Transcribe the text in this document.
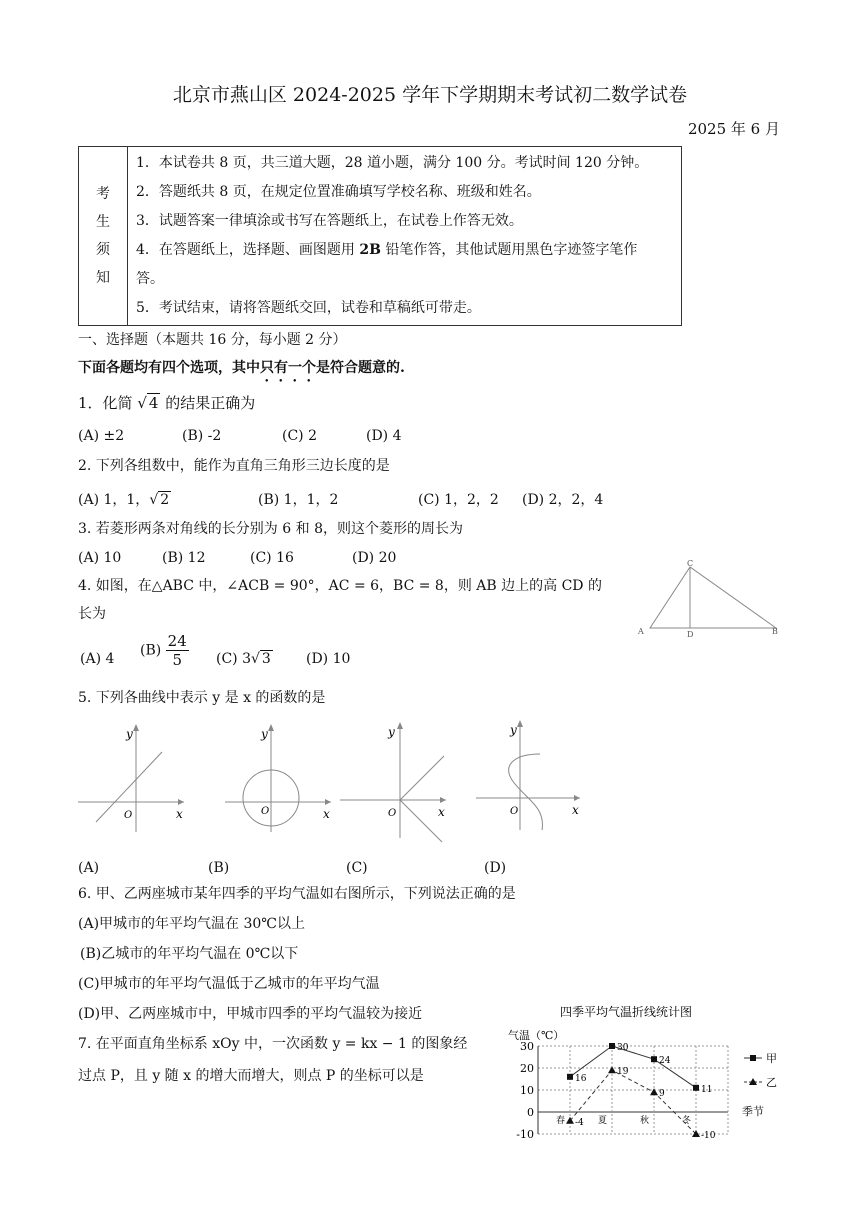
北京市燕山区 2024-2025 学年下学期期末考试初二数学试卷
2025 年 6 月
考
生
须
知

1．本试卷共 8 页，共三道大题，28 道小题，满分 100 分。考试时间 120 分钟。
2．答题纸共 8 页，在规定位置准确填写学校名称、班级和姓名。
3．试题答案一律填涂或书写在答题纸上，在试卷上作答无效。
4．在答题纸上，选择题、画图题用 2B 铅笔作答，其他试题用黑色字迹签字笔作
答。
5．考试结束，请将答题纸交回，试卷和草稿纸可带走。
一、选择题（本题共 16 分，每小题 2 分）
下面各题均有四个选项，其中只有一个是符合题意的.
1．化简 √ 4 的结果正确为
(A) ±2	(B) -2	(C) 2	(D) 4
2. 下列各组数中，能作为直角三角形三边长度的是
(A) 1，1，√ 2	(B) 1，1，2	(C) 1，2，2 (D) 2，2，4
3. 若菱形两条对角线的长分别为 6 和 8，则这个菱形的周长为
(A) 10	(B) 12	(C) 16	(D) 20
4. 如图，在△ABC 中，∠ACB = 90°，AC = 6，BC = 8，则 AB 边上的高 CD 的
长为
(A) 4
$(B) \frac{24}{5} (C)$ 3√ 3	(D) 10
A
C
D	B
5. 下列各曲线中表示 y 是 x 的函数的是
y
x
O
y
x
O
y
x
O
y
x
O
(A)	(B)	(C)	(D)
6. 甲、乙两座城市某年四季的平均气温如右图所示，下列说法正确的是
(A)甲城市的年平均气温在 30℃以上
(B)乙城市的年平均气温在 0℃以下
(C)甲城市的年平均气温低于乙城市的年平均气温
(D)甲、乙两座城市中，甲城市四季的平均气温较为接近
7. 在平面直角坐标系 xOy 中，一次函数 y = kx − 1 的图象经
过点 P，且 y 随 x 的增大而增大，则点 P 的坐标可以是
四季平均气温折线统计图
气温（℃）
30
20
10
0
-10
春	夏	秋	冬
16
30
24
11
-4
19
9
-10
甲
乙
季节
